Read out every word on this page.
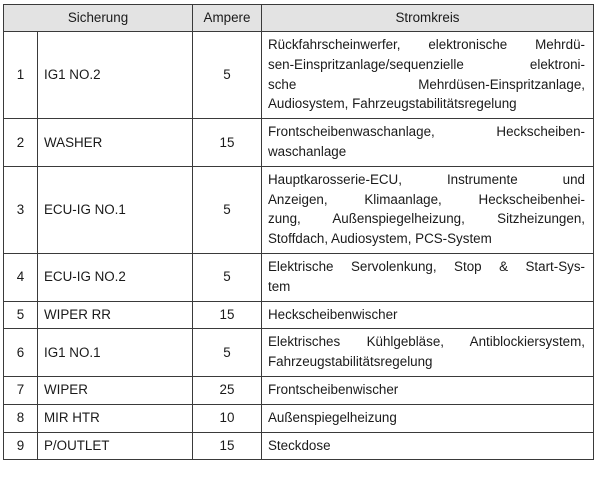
Sicherung		Ampere	Stromkreis
1	IG1 NO.2	5	Rückfahrscheinwerfer, elektronische Mehrdü-
sen-Einspritzanlage/sequenzielle elektroni-
sche Mehrdüsen-Einspritzanlage,
Audiosystem, Fahrzeugstabilitätsregelung

2	WASHER	15	Frontscheibenwaschanlage, Heckscheiben-
waschanlage

3	ECU-IG NO.1	5	Hauptkarosserie-ECU, Instrumente und
Anzeigen, Klimaanlage, Heckscheibenhei-
zung, Außenspiegelheizung, Sitzheizungen,
Stoffdach, Audiosystem, PCS-System

4	ECU-IG NO.2	5	Elektrische Servolenkung, Stop & Start-Sys-
tem

5	WIPER RR	15	Heckscheibenwischer

6	IG1 NO.1	5	Elektrisches Kühlgebläse, Antiblockiersystem,
Fahrzeugstabilitätsregelung

7	WIPER	25	Frontscheibenwischer

8	MIR HTR	10	Außenspiegelheizung

9	P/OUTLET	15	Steckdose
